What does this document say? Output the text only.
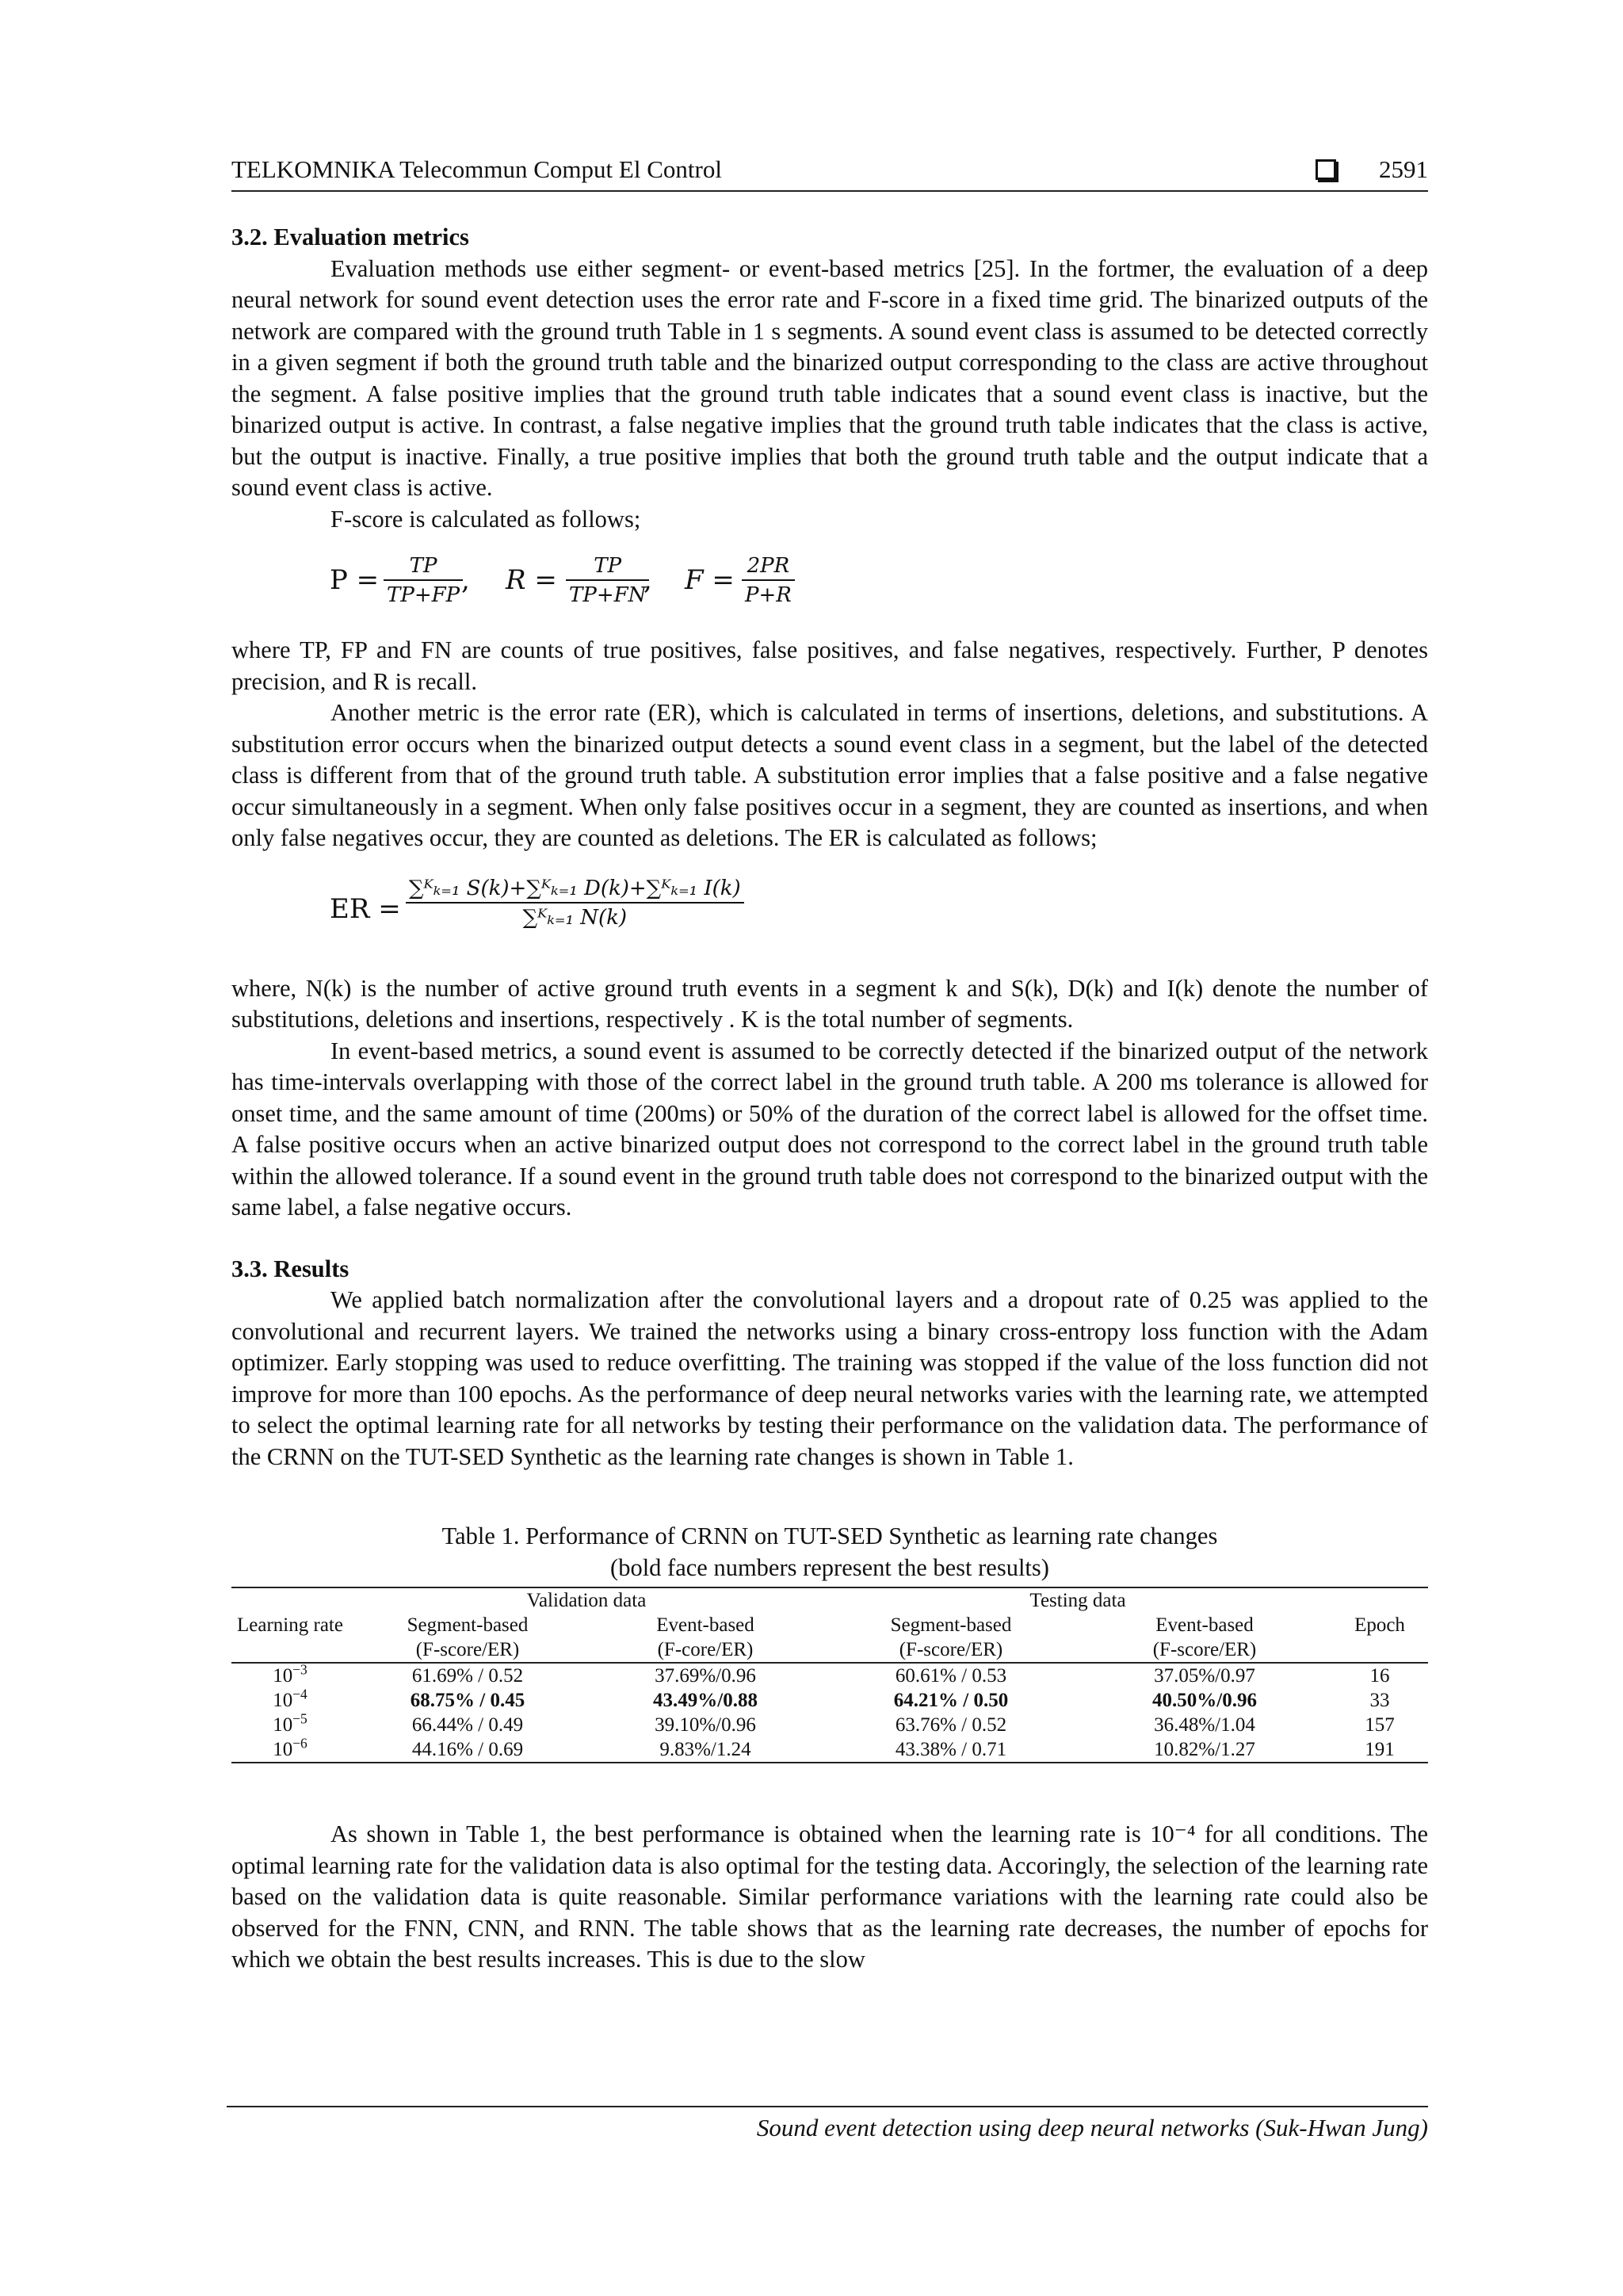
TELKOMNIKA Telecommun Comput El Control	2591
3.2. Evaluation metrics

Evaluation methods use either segment- or event-based metrics [25]. In the fortmer, the evaluation of a deep neural network for sound event detection uses the error rate and F-score in a fixed time grid. The binarized outputs of the network are compared with the ground truth Table in 1 s segments. A sound event class is assumed to be detected correctly in a given segment if both the ground truth table and the binarized output corresponding to the class are active throughout the segment. A false positive implies that the ground truth table indicates that a sound event class is inactive, but the binarized output is active. In contrast, a false negative implies that the ground truth table indicates that the class is active, but the output is inactive. Finally, a true positive implies that both the ground truth table and the output indicate that a sound event class is active.

F-score is calculated as follows;

$P = \frac{TP}{TP+FP}$
, $R = \frac{TP}{TP+FN}$
, $F = \frac{2PR}{P+R}$

where TP, FP and FN are counts of true positives, false positives, and false negatives, respectively. Further, P denotes precision, and R is recall.

Another metric is the error rate (ER), which is calculated in terms of insertions, deletions, and substitutions. A substitution error occurs when the binarized output detects a sound event class in a segment, but the label of the detected class is different from that of the ground truth table. A substitution error implies that a false positive and a false negative occur simultaneously in a segment. When only false positives occur in a segment, they are counted as insertions, and when only false negatives occur, they are counted as deletions. The ER is calculated as follows;

ER = $\frac{\text{∑ᴷₖ₌₁ S(k)+∑ᴷₖ₌₁ D(k)+∑ᴷₖ₌₁ I(k)}}{\text{∑ᴷₖ₌₁ N(k)}}$

where, N(k) is the number of active ground truth events in a segment k and S(k), D(k) and I(k) denote the number of substitutions, deletions and insertions, respectively . K is the total number of segments.

In event-based metrics, a sound event is assumed to be correctly detected if the binarized output of the network has time-intervals overlapping with those of the correct label in the ground truth table. A 200 ms tolerance is allowed for onset time, and the same amount of time (200ms) or 50% of the duration of the correct label is allowed for the offset time. A false positive occurs when an active binarized output does not correspond to the correct label in the ground truth table within the allowed tolerance. If a sound event in the ground truth table does not correspond to the binarized output with the same label, a false negative occurs.

3.3. Results

We applied batch normalization after the convolutional layers and a dropout rate of 0.25 was applied to the convolutional and recurrent layers. We trained the networks using a binary cross-entropy loss function with the Adam optimizer. Early stopping was used to reduce overfitting. The training was stopped if the value of the loss function did not improve for more than 100 epochs. As the performance of deep neural networks varies with the learning rate, we attempted to select the optimal learning rate for all networks by testing their performance on the validation data. The performance of the CRNN on the TUT-SED Synthetic as the learning rate changes is shown in Table 1.

Table 1. Performance of CRNN on TUT-SED Synthetic as learning rate changes
(bold face numbers represent the best results)
	Validation data		Testing data		
Learning rate	Segment-based	Event-based	Segment-based	Event-based	Epoch
	(F-score/ER)	(F-core/ER)	(F-score/ER)	(F-score/ER)	
$10^{-3}$	61.69% / 0.52	37.69%/0.96	60.61% / 0.53	37.05%/0.97	16
$10^{-4}$	68.75% / 0.45	43.49%/0.88	64.21% / 0.50	40.50%/0.96	33
$10^{-5}$	66.44% / 0.49	39.10%/0.96	63.76% / 0.52	36.48%/1.04	157
$10^{-6}$	44.16% / 0.69	9.83%/1.24	43.38% / 0.71	10.82%/1.27	191

As shown in Table 1, the best performance is obtained when the learning rate is 10⁻⁴ for all conditions. The optimal learning rate for the validation data is also optimal for the testing data. Accoringly, the selection of the learning rate based on the validation data is quite reasonable. Similar performance variations with the learning rate could also be observed for the FNN, CNN, and RNN. The table shows that as the learning rate decreases, the number of epochs for which we obtain the best results increases. This is due to the slow

Sound event detection using deep neural networks (Suk-Hwan Jung)
